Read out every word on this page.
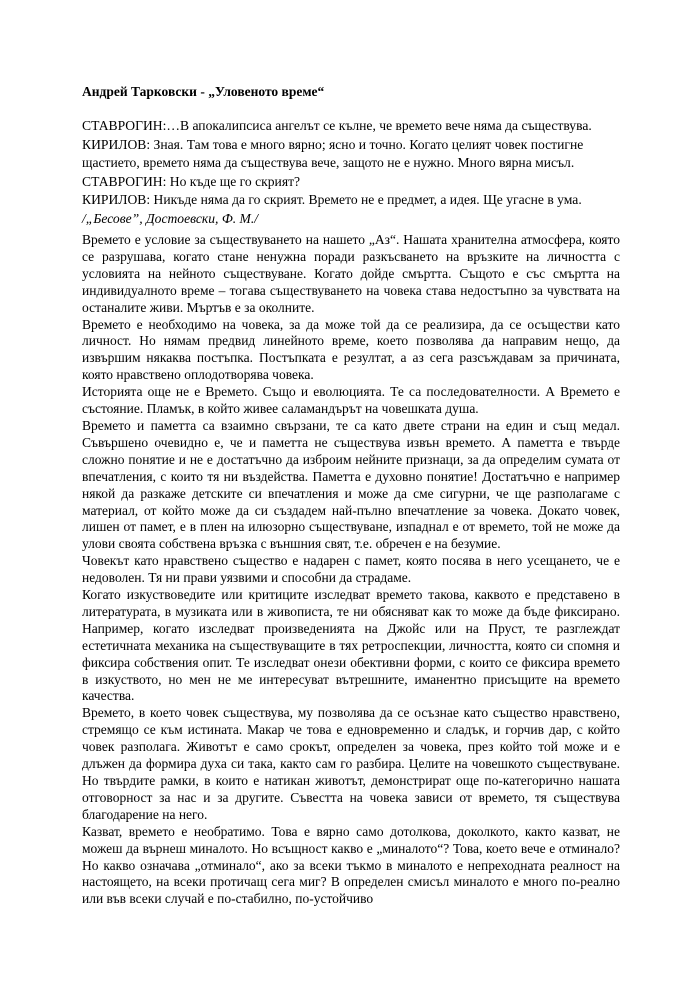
Андрей Тарковски - „Уловеното време“
СТАВРОГИН:…В апокалипсиса ангелът се кълне, че времето вече няма да съществува.
КИРИЛОВ: Зная. Там това е много вярно; ясно и точно. Когато целият човек постигне
щастието, времето няма да съществува вече, защото не е нужно. Много вярна мисъл.
СТАВРОГИН: Но къде ще го скрият?
КИРИЛОВ: Никъде няма да го скрият. Времето не е предмет, а идея. Ще угасне в ума.
/„Бесове”, Достоевски, Ф. М./

Времето е условие за съществуването на нашето „Аз“. Нашата хранителна атмосфера, която се разрушава, когато стане ненужна поради разкъсването на връзките на личността с условията на нейното съществуване. Когато дойде смъртта. Същото е със смъртта на индивидуалното време – тогава съществуването на човека става недостъпно за чувствата на останалите живи. Мъртъв е за околните.

Времето е необходимо на човека, за да може той да се реализира, да се осъществи като личност. Но нямам предвид линейното време, което позволява да направим нещо, да извършим някаква постъпка. Постъпката е резултат, а аз сега разсъждавам за причината, която нравствено оплодотворява човека.

Историята още не е Времето. Също и еволюцията. Те са последователности. А Времето е състояние. Пламък, в който живее саламандърът на човешката душа.

Времето и паметта са взаимно свързани, те са като двете страни на един и същ медал. Съвършено очевидно е, че и паметта не съществува извън времето. А паметта е твърде сложно понятие и не е достатъчно да изброим нейните признаци, за да определим сумата от впечатления, с които тя ни въздейства. Паметта е духовно понятие! Достатъчно е например някой да разкаже детските си впечатления и може да сме сигурни, че ще разполагаме с материал, от който може да си създадем най-пълно впечатление за човека. Докато човек, лишен от памет, е в плен на илюзорно съществуване, изпаднал е от времето, той не може да улови своята собствена връзка с външния свят, т.е. обречен е на безумие.

Човекът като нравствено същество е надарен с памет, която посява в него усещането, че е недоволен. Тя ни прави уязвими и способни да страдаме.

Когато изкуствоведите или критиците изследват времето такова, каквото е представено в литературата, в музиката или в живописта, те ни обясняват как то може да бъде фиксирано. Например, когато изследват произведенията на Джойс или на Пруст, те разглеждат естетичната механика на съществуващите в тях ретроспекции, личността, която си спомня и фиксира собствения опит. Те изследват онези обективни форми, с които се фиксира времето в изкуството, но мен не ме интересуват вътрешните, иманентно присъщите на времето качества.

Времето, в което човек съществува, му позволява да се осъзнае като същество нравствено, стремящо се към истината. Макар че това е едновременно и сладък, и горчив дар, с който човек разполага. Животът е само срокът, определен за човека, през който той може и е длъжен да формира духа си така, както сам го разбира. Целите на човешкото съществуване. Но твърдите рамки, в които е натикан животът, демонстрират още по-категорично нашата отговорност за нас и за другите. Съвестта на човека зависи от времето, тя съществува благодарение на него.

Казват, времето е необратимо. Това е вярно само дотолкова, доколкото, както казват, не можеш да върнеш миналото. Но всъщност какво е „миналото“? Това, което вече е отминало? Но какво означава „отминало“, ако за всеки тъкмо в миналото е непреходната реалност на настоящето, на всеки протичащ сега миг? В определен смисъл миналото е много по-реално или във всеки случай е по-стабилно, по-устойчиво
